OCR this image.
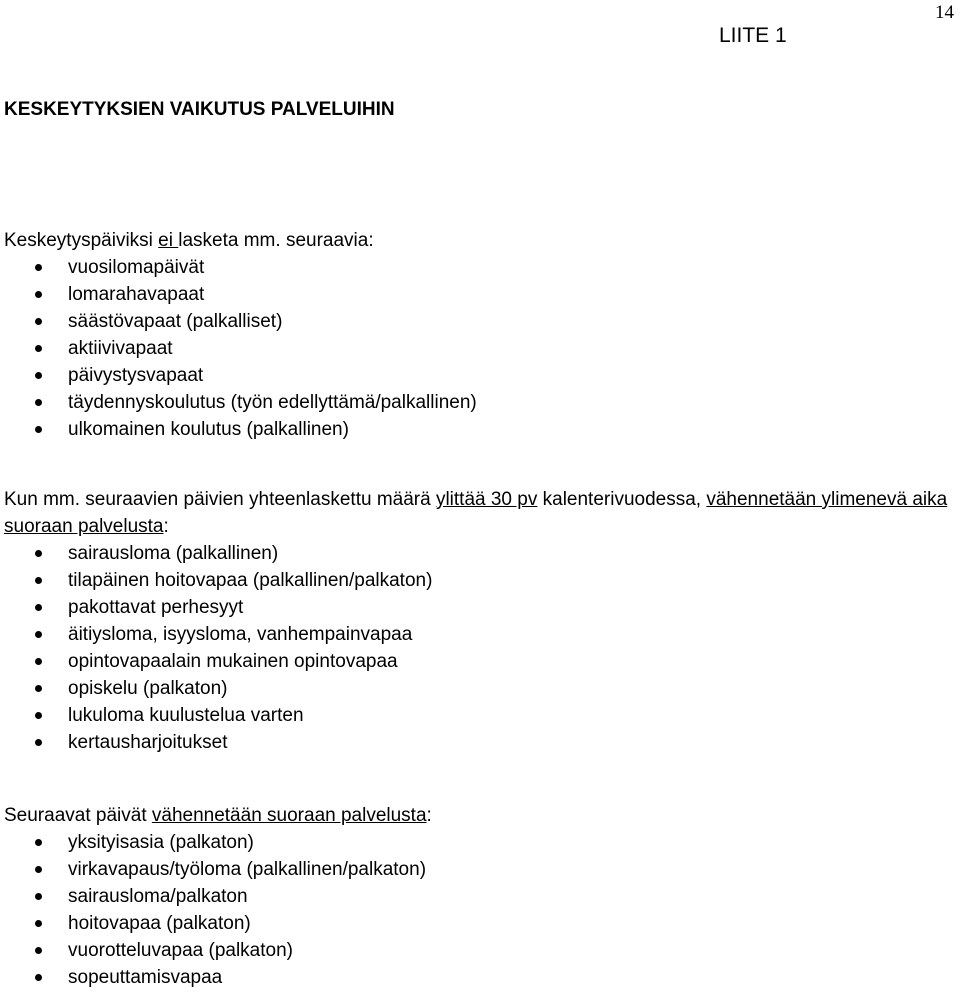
14
LIITE 1
KESKEYTYKSIEN VAIKUTUS PALVELUIHIN

Keskeytyspäiviksi ei lasketa mm. seuraavia:

vuosilomapäivät
lomarahavapaat
säästövapaat (palkalliset)
aktiivivapaat
päivystysvapaat
täydennyskoulutus (työn edellyttämä/palkallinen)
ulkomainen koulutus (palkallinen)

Kun mm. seuraavien päivien yhteenlaskettu määrä ylittää 30 pv kalenterivuodessa, vähennetään ylimenevä aika suoraan palvelusta:

sairausloma (palkallinen)
tilapäinen hoitovapaa (palkallinen/palkaton)
pakottavat perhesyyt
äitiysloma, isyysloma, vanhempainvapaa
opintovapaalain mukainen opintovapaa
opiskelu (palkaton)
lukuloma kuulustelua varten
kertausharjoitukset

Seuraavat päivät vähennetään suoraan palvelusta:

yksityisasia (palkaton)
virkavapaus/työloma (palkallinen/palkaton)
sairausloma/palkaton
hoitovapaa (palkaton)
vuorotteluvapaa (palkaton)
sopeuttamisvapaa
